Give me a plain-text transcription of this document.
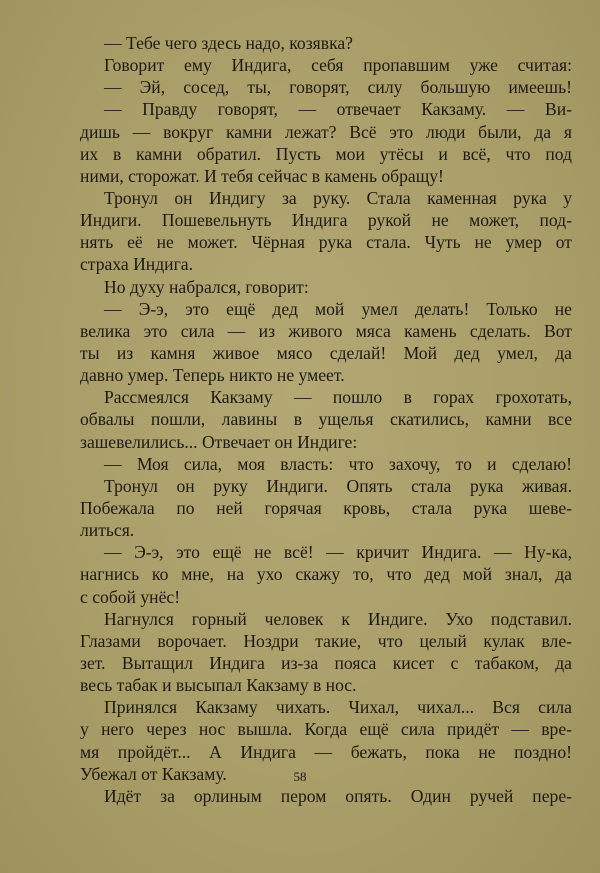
— Тебе чего здесь надо, козявка?
Говорит ему Индига, себя пропавшим уже считая:
— Эй, сосед, ты, говорят, силу большую имеешь!
— Правду говорят, — отвечает Какзаму. — Ви-
дишь — вокруг камни лежат? Всё это люди были, да я
их в камни обратил. Пусть мои утёсы и всё, что под
ними, сторожат. И тебя сейчас в камень обращу!
Тронул он Индигу за руку. Стала каменная рука у
Индиги. Пошевельнуть Индига рукой не может, под-
нять её не может. Чёрная рука стала. Чуть не умер от
страха Индига.
Но духу набрался, говорит:
— Э-э, это ещё дед мой умел делать! Только не
велика это сила — из живого мяса камень сделать. Вот
ты из камня живое мясо сделай! Мой дед умел, да
давно умер. Теперь никто не умеет.
Рассмеялся Какзаму — пошло в горах грохотать,
обвалы пошли, лавины в ущелья скатились, камни все
зашевелились... Отвечает он Индиге:
— Моя сила, моя власть: что захочу, то и сделаю!
Тронул он руку Индиги. Опять стала рука живая.
Побежала по ней горячая кровь, стала рука шеве-
литься.
— Э-э, это ещё не всё! — кричит Индига. — Ну-ка,
нагнись ко мне, на ухо скажу то, что дед мой знал, да
с собой унёс!
Нагнулся горный человек к Индиге. Ухо подставил.
Глазами ворочает. Ноздри такие, что целый кулак вле-
зет. Вытащил Индига из-за пояса кисет с табаком, да
весь табак и высыпал Какзаму в нос.
Принялся Какзаму чихать. Чихал, чихал... Вся сила
у него через нос вышла. Когда ещё сила придёт — вре-
мя пройдёт... А Индига — бежать, пока не поздно!
Убежал от Какзаму.
Идёт за орлиным пером опять. Один ручей пере-
58
